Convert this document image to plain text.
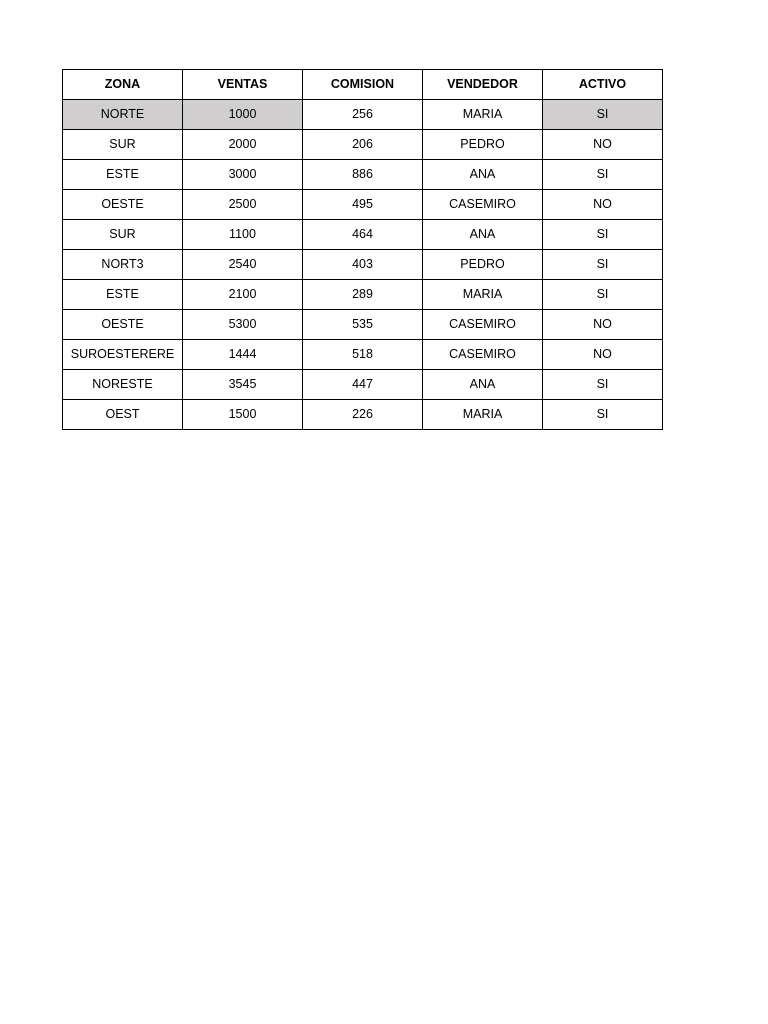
ZONA	VENTAS	COMISION	VENDEDOR	ACTIVO
NORTE	1000	256	MARIA	SI
SUR	2000	206	PEDRO	NO
ESTE	3000	886	ANA	SI
OESTE	2500	495	CASEMIRO	NO
SUR	1100	464	ANA	SI
NORT3	2540	403	PEDRO	SI
ESTE	2100	289	MARIA	SI
OESTE	5300	535	CASEMIRO	NO
SUROESTERERE	1444	518	CASEMIRO	NO
NORESTE	3545	447	ANA	SI
OEST	1500	226	MARIA	SI
